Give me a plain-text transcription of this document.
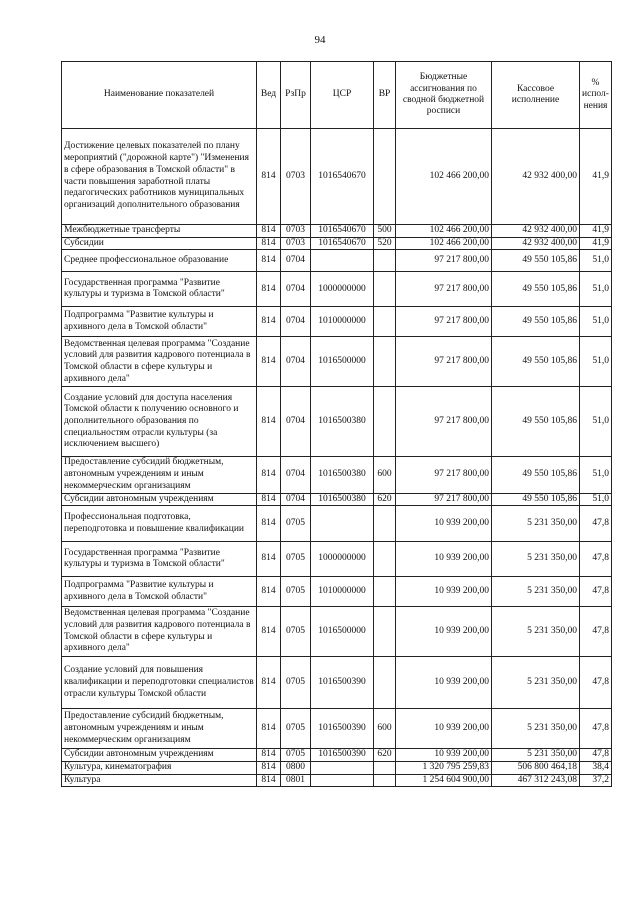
94
Наименование показателей	Вед	РзПр	ЦСР	ВР	Бюджетные ассигнования по сводной бюджетной росписи	Кассовое исполнение	% испол-нения
Достижение целевых показателей по плану мероприятий ("дорожной карте") "Изменения в сфере образования в Томской области" в части повышения заработной платы педагогических работников муниципальных организаций дополнительного образования	814	0703	1016540670		102 466 200,00	42 932 400,00	41,9
Межбюджетные трансферты	814	0703	1016540670	500	102 466 200,00	42 932 400,00	41,9
Субсидии	814	0703	1016540670	520	102 466 200,00	42 932 400,00	41,9
Среднее профессиональное образование	814	0704			97 217 800,00	49 550 105,86	51,0
Государственная программа "Развитие культуры и туризма в Томской области"	814	0704	1000000000		97 217 800,00	49 550 105,86	51,0
Подпрограмма "Развитие культуры и архивного дела в Томской области"	814	0704	1010000000		97 217 800,00	49 550 105,86	51,0
Ведомственная целевая программа "Создание условий для развития кадрового потенциала в Томской области в сфере культуры и архивного дела"	814	0704	1016500000		97 217 800,00	49 550 105,86	51,0
Создание условий для доступа населения Томской области к получению основного и дополнительного образования по специальностям отрасли культуры (за исключением высшего)	814	0704	1016500380		97 217 800,00	49 550 105,86	51,0
Предоставление субсидий бюджетным, автономным учреждениям и иным некоммерческим организациям	814	0704	1016500380	600	97 217 800,00	49 550 105,86	51,0
Субсидии автономным учреждениям	814	0704	1016500380	620	97 217 800,00	49 550 105,86	51,0
Профессиональная подготовка, переподготовка и повышение квалификации	814	0705			10 939 200,00	5 231 350,00	47,8
Государственная программа "Развитие культуры и туризма в Томской области"	814	0705	1000000000		10 939 200,00	5 231 350,00	47,8
Подпрограмма "Развитие культуры и архивного дела в Томской области"	814	0705	1010000000		10 939 200,00	5 231 350,00	47,8
Ведомственная целевая программа "Создание условий для развития кадрового потенциала в Томской области в сфере культуры и архивного дела"	814	0705	1016500000		10 939 200,00	5 231 350,00	47,8
Создание условий для повышения квалификации и переподготовки специалистов отрасли культуры Томской области	814	0705	1016500390		10 939 200,00	5 231 350,00	47,8
Предоставление субсидий бюджетным, автономным учреждениям и иным некоммерческим организациям	814	0705	1016500390	600	10 939 200,00	5 231 350,00	47,8
Субсидии автономным учреждениям	814	0705	1016500390	620	10 939 200,00	5 231 350,00	47,8
Культура, кинематография	814	0800			1 320 795 259,83	506 800 464,18	38,4
Культура	814	0801			1 254 604 900,00	467 312 243,08	37,2
